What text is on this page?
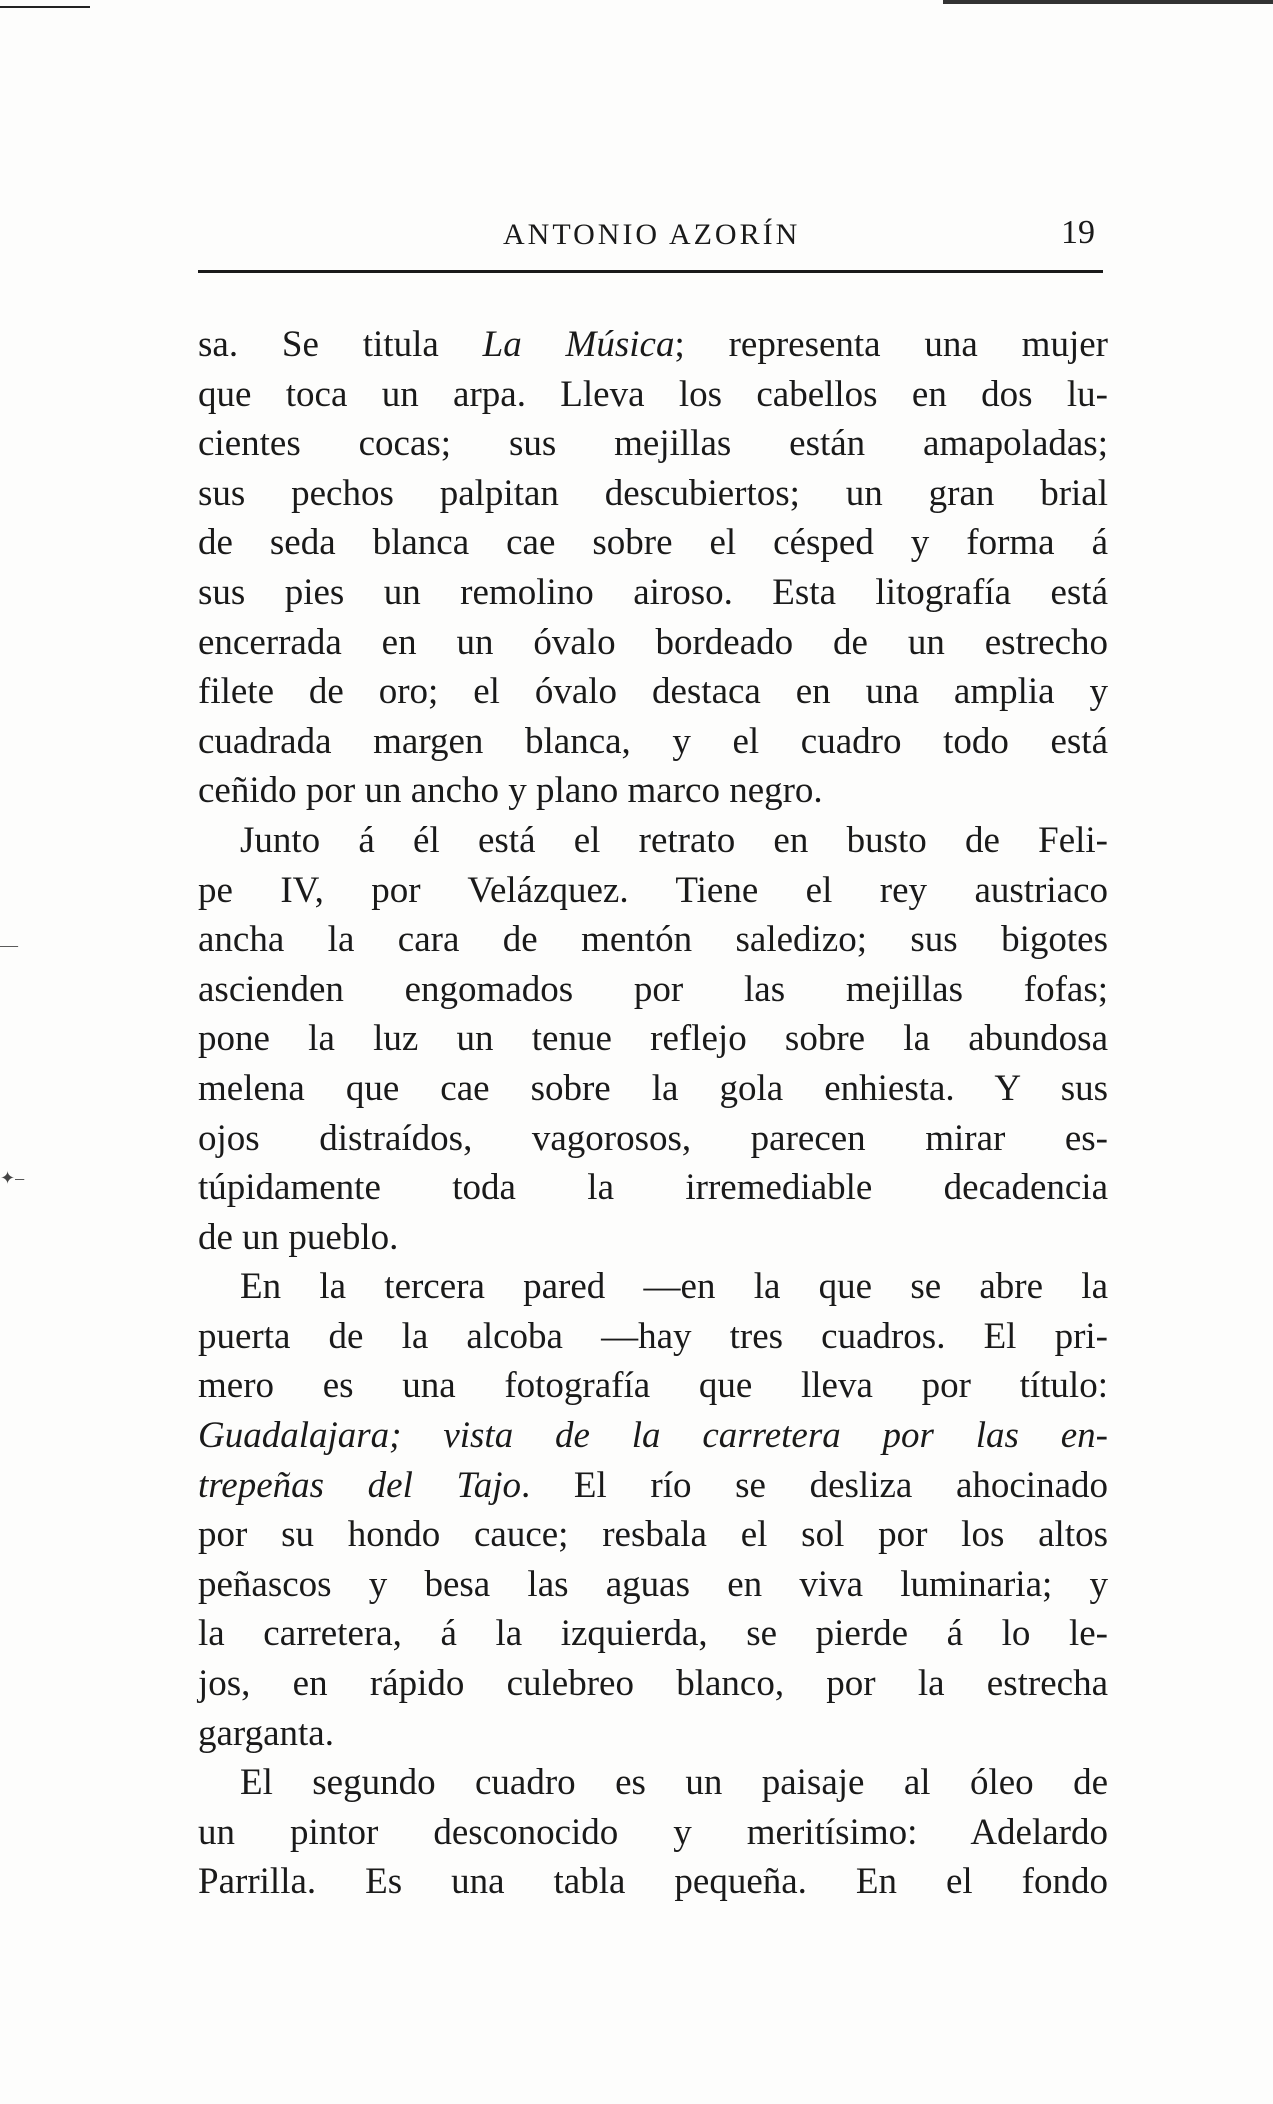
—
✦–
ANTONIO AZORÍN	19
sa. Se titula La Música; representa una mujer
que toca un arpa. Lleva los cabellos en dos lu-
cientes cocas; sus mejillas están amapoladas;
sus pechos palpitan descubiertos; un gran brial
de seda blanca cae sobre el césped y forma á
sus pies un remolino airoso. Esta litografía está
encerrada en un óvalo bordeado de un estrecho
filete de oro; el óvalo destaca en una amplia y
cuadrada margen blanca, y el cuadro todo está
ceñido por un ancho y plano marco negro.
Junto á él está el retrato en busto de Feli-
pe IV, por Velázquez. Tiene el rey austriaco
ancha la cara de mentón saledizo; sus bigotes
ascienden engomados por las mejillas fofas;
pone la luz un tenue reflejo sobre la abundosa
melena que cae sobre la gola enhiesta. Y sus
ojos distraídos, vagorosos, parecen mirar es-
túpidamente toda la irremediable decadencia
de un pueblo.
En la tercera pared —en la que se abre la
puerta de la alcoba —hay tres cuadros. El pri-
mero es una fotografía que lleva por título:
Guadalajara; vista de la carretera por las en-
trepeñas del Tajo. El río se desliza ahocinado
por su hondo cauce; resbala el sol por los altos
peñascos y besa las aguas en viva luminaria; y
la carretera, á la izquierda, se pierde á lo le-
jos, en rápido culebreo blanco, por la estrecha
garganta.
El segundo cuadro es un paisaje al óleo de
un pintor desconocido y meritísimo: Adelardo
Parrilla. Es una tabla pequeña. En el fondo
